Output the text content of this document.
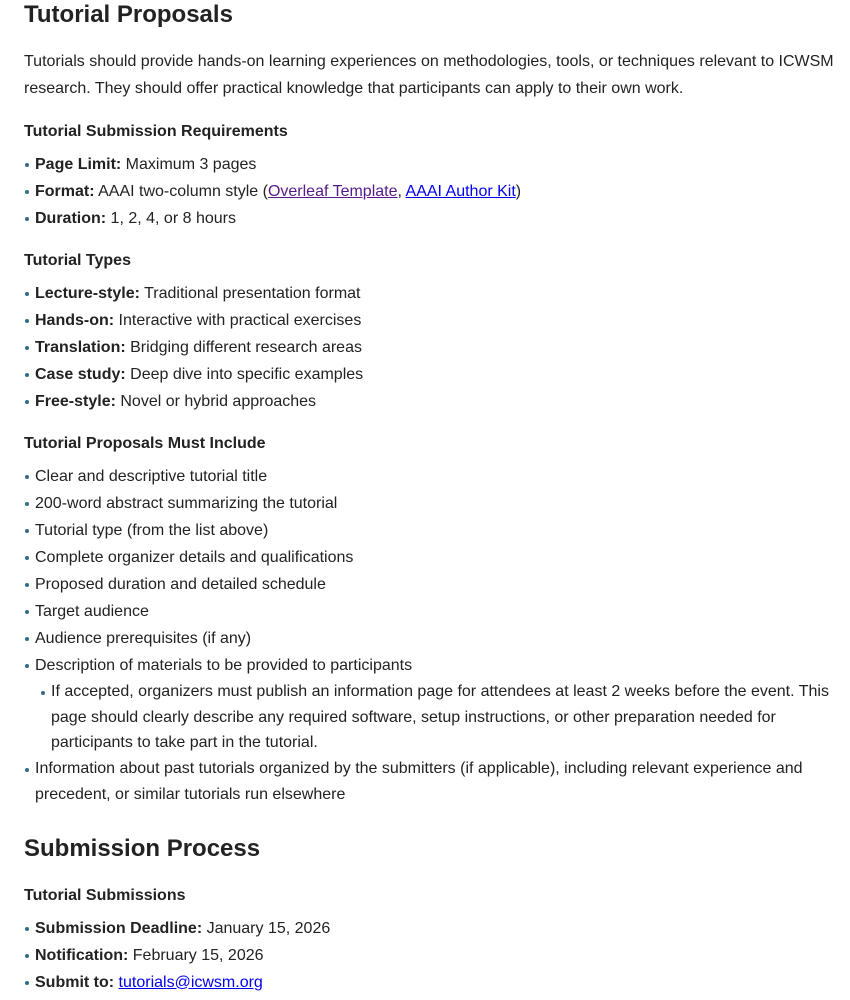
Tutorial Proposals

Tutorials should provide hands-on learning experiences on methodologies, tools, or techniques relevant to ICWSM research. They should offer practical knowledge that participants can apply to their own work.

Tutorial Submission Requirements
Page Limit: Maximum 3 pages
Format: AAAI two-column style (Overleaf Template, AAAI Author Kit)
Duration: 1, 2, 4, or 8 hours
Tutorial Types
Lecture-style: Traditional presentation format
Hands-on: Interactive with practical exercises
Translation: Bridging different research areas
Case study: Deep dive into specific examples
Free-style: Novel or hybrid approaches
Tutorial Proposals Must Include
Clear and descriptive tutorial title
200-word abstract summarizing the tutorial
Tutorial type (from the list above)
Complete organizer details and qualifications
Proposed duration and detailed schedule
Target audience
Audience prerequisites (if any)
Description of materials to be provided to participants
If accepted, organizers must publish an information page for attendees at least 2 weeks before the event. This page should clearly describe any required software, setup instructions, or other preparation needed for participants to take part in the tutorial.
Information about past tutorials organized by the submitters (if applicable), including relevant experience and precedent, or similar tutorials run elsewhere
Submission Process
Tutorial Submissions
Submission Deadline: January 15, 2026
Notification: February 15, 2026
Submit to: tutorials@icwsm.org
